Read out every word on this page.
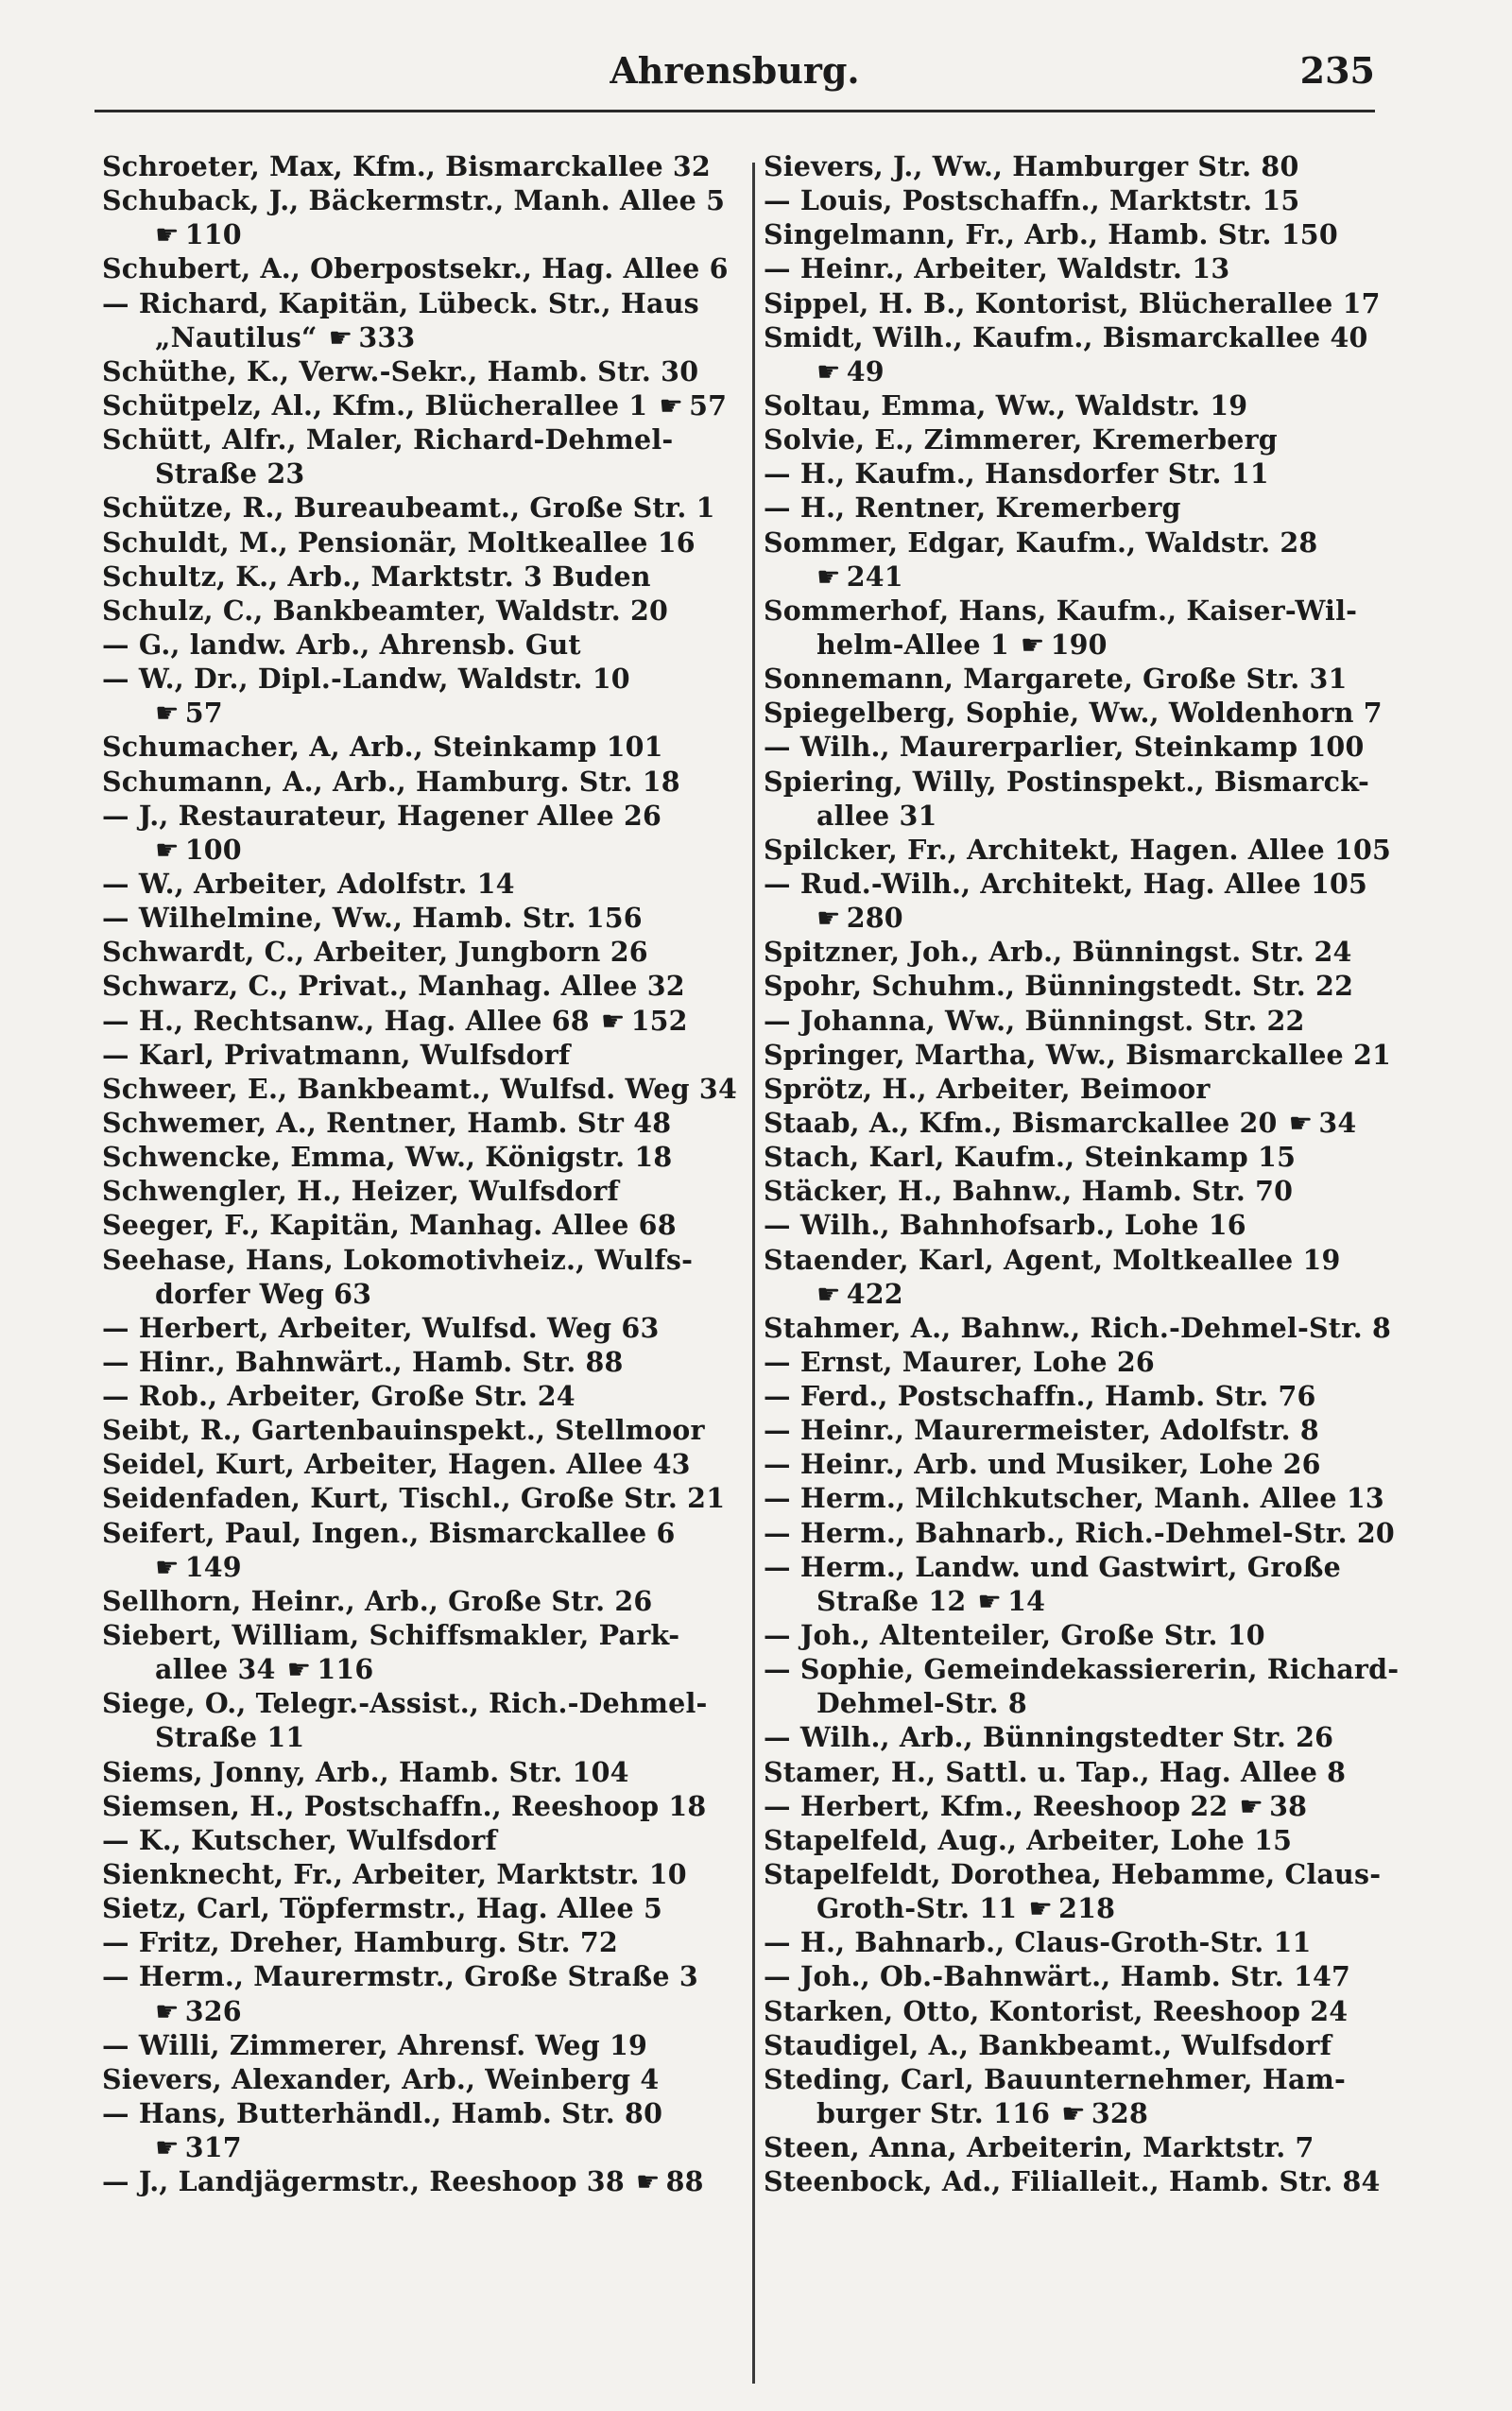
Ahrensburg.	235
Schroeter, Max, Kfm., Bismarckallee 32
Schuback, J., Bäckermstr., Manh. Allee 5
☛ 110
Schubert, A., Oberpostsekr., Hag. Allee 6
— Richard, Kapitän, Lübeck. Str., Haus
„Nautilus“ ☛ 333
Schüthe, K., Verw.-Sekr., Hamb. Str. 30
Schütpelz, Al., Kfm., Blücherallee 1 ☛ 57
Schütt, Alfr., Maler, Richard-Dehmel-
Straße 23
Schütze, R., Bureaubeamt., Große Str. 1
Schuldt, M., Pensionär, Moltkeallee 16
Schultz, K., Arb., Marktstr. 3 Buden
Schulz, C., Bankbeamter, Waldstr. 20
— G., landw. Arb., Ahrensb. Gut
— W., Dr., Dipl.-Landw, Waldstr. 10
☛ 57
Schumacher, A, Arb., Steinkamp 101
Schumann, A., Arb., Hamburg. Str. 18
— J., Restaurateur, Hagener Allee 26
☛ 100
— W., Arbeiter, Adolfstr. 14
— Wilhelmine, Ww., Hamb. Str. 156
Schwardt, C., Arbeiter, Jungborn 26
Schwarz, C., Privat., Manhag. Allee 32
— H., Rechtsanw., Hag. Allee 68 ☛ 152
— Karl, Privatmann, Wulfsdorf
Schweer, E., Bankbeamt., Wulfsd. Weg 34
Schwemer, A., Rentner, Hamb. Str 48
Schwencke, Emma, Ww., Königstr. 18
Schwengler, H., Heizer, Wulfsdorf
Seeger, F., Kapitän, Manhag. Allee 68
Seehase, Hans, Lokomotivheiz., Wulfs-
dorfer Weg 63
— Herbert, Arbeiter, Wulfsd. Weg 63
— Hinr., Bahnwärt., Hamb. Str. 88
— Rob., Arbeiter, Große Str. 24
Seibt, R., Gartenbauinspekt., Stellmoor
Seidel, Kurt, Arbeiter, Hagen. Allee 43
Seidenfaden, Kurt, Tischl., Große Str. 21
Seifert, Paul, Ingen., Bismarckallee 6
☛ 149
Sellhorn, Heinr., Arb., Große Str. 26
Siebert, William, Schiffsmakler, Park-
allee 34 ☛ 116
Siege, O., Telegr.-Assist., Rich.-Dehmel-
Straße 11
Siems, Jonny, Arb., Hamb. Str. 104
Siemsen, H., Postschaffn., Reeshoop 18
— K., Kutscher, Wulfsdorf
Sienknecht, Fr., Arbeiter, Marktstr. 10
Sietz, Carl, Töpfermstr., Hag. Allee 5
— Fritz, Dreher, Hamburg. Str. 72
— Herm., Maurermstr., Große Straße 3
☛ 326
— Willi, Zimmerer, Ahrensf. Weg 19
Sievers, Alexander, Arb., Weinberg 4
— Hans, Butterhändl., Hamb. Str. 80
☛ 317
— J., Landjägermstr., Reeshoop 38 ☛ 88
Sievers, J., Ww., Hamburger Str. 80
— Louis, Postschaffn., Marktstr. 15
Singelmann, Fr., Arb., Hamb. Str. 150
— Heinr., Arbeiter, Waldstr. 13
Sippel, H. B., Kontorist, Blücherallee 17
Smidt, Wilh., Kaufm., Bismarckallee 40
☛ 49
Soltau, Emma, Ww., Waldstr. 19
Solvie, E., Zimmerer, Kremerberg
— H., Kaufm., Hansdorfer Str. 11
— H., Rentner, Kremerberg
Sommer, Edgar, Kaufm., Waldstr. 28
☛ 241
Sommerhof, Hans, Kaufm., Kaiser-Wil-
helm-Allee 1 ☛ 190
Sonnemann, Margarete, Große Str. 31
Spiegelberg, Sophie, Ww., Woldenhorn 7
— Wilh., Maurerparlier, Steinkamp 100
Spiering, Willy, Postinspekt., Bismarck-
allee 31
Spilcker, Fr., Architekt, Hagen. Allee 105
— Rud.-Wilh., Architekt, Hag. Allee 105
☛ 280
Spitzner, Joh., Arb., Bünningst. Str. 24
Spohr, Schuhm., Bünningstedt. Str. 22
— Johanna, Ww., Bünningst. Str. 22
Springer, Martha, Ww., Bismarckallee 21
Sprötz, H., Arbeiter, Beimoor
Staab, A., Kfm., Bismarckallee 20 ☛ 34
Stach, Karl, Kaufm., Steinkamp 15
Stäcker, H., Bahnw., Hamb. Str. 70
— Wilh., Bahnhofsarb., Lohe 16
Staender, Karl, Agent, Moltkeallee 19
☛ 422
Stahmer, A., Bahnw., Rich.-Dehmel-Str. 8
— Ernst, Maurer, Lohe 26
— Ferd., Postschaffn., Hamb. Str. 76
— Heinr., Maurermeister, Adolfstr. 8
— Heinr., Arb. und Musiker, Lohe 26
— Herm., Milchkutscher, Manh. Allee 13
— Herm., Bahnarb., Rich.-Dehmel-Str. 20
— Herm., Landw. und Gastwirt, Große
Straße 12 ☛ 14
— Joh., Altenteiler, Große Str. 10
— Sophie, Gemeindekassiererin, Richard-
Dehmel-Str. 8
— Wilh., Arb., Bünningstedter Str. 26
Stamer, H., Sattl. u. Tap., Hag. Allee 8
— Herbert, Kfm., Reeshoop 22 ☛ 38
Stapelfeld, Aug., Arbeiter, Lohe 15
Stapelfeldt, Dorothea, Hebamme, Claus-
Groth-Str. 11 ☛ 218
— H., Bahnarb., Claus-Groth-Str. 11
— Joh., Ob.-Bahnwärt., Hamb. Str. 147
Starken, Otto, Kontorist, Reeshoop 24
Staudigel, A., Bankbeamt., Wulfsdorf
Steding, Carl, Bauunternehmer, Ham-
burger Str. 116 ☛ 328
Steen, Anna, Arbeiterin, Marktstr. 7
Steenbock, Ad., Filialleit., Hamb. Str. 84
